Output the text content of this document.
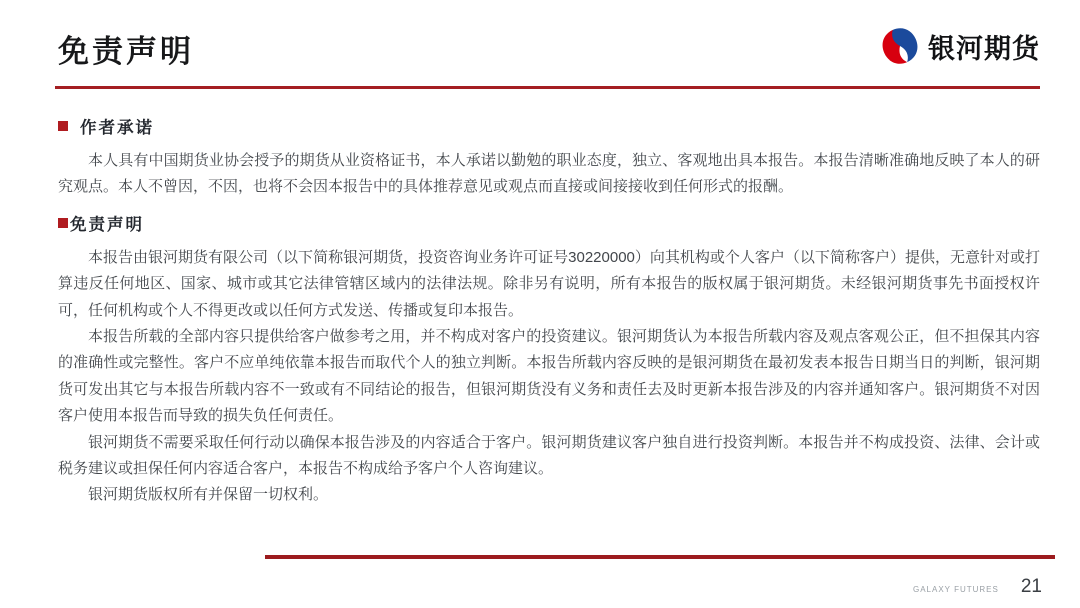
免责声明	银河期货
作者承诺

本人具有中国期货业协会授予的期货从业资格证书，本人承诺以勤勉的职业态度，独立、客观地出具本报告。本报告清晰准确地反映了本人的研究观点。本人不曾因，不因，也将不会因本报告中的具体推荐意见或观点而直接或间接接收到任何形式的报酬。

免责声明

本报告由银河期货有限公司（以下简称银河期货，投资咨询业务许可证号30220000）向其机构或个人客户（以下简称客户）提供，无意针对或打算违反任何地区、国家、城市或其它法律管辖区域内的法律法规。除非另有说明，所有本报告的版权属于银河期货。未经银河期货事先书面授权许可，任何机构或个人不得更改或以任何方式发送、传播或复印本报告。

本报告所载的全部内容只提供给客户做参考之用，并不构成对客户的投资建议。银河期货认为本报告所载内容及观点客观公正，但不担保其内容的准确性或完整性。客户不应单纯依靠本报告而取代个人的独立判断。本报告所载内容反映的是银河期货在最初发表本报告日期当日的判断，银河期货可发出其它与本报告所载内容不一致或有不同结论的报告，但银河期货没有义务和责任去及时更新本报告涉及的内容并通知客户。银河期货不对因客户使用本报告而导致的损失负任何责任。

银河期货不需要采取任何行动以确保本报告涉及的内容适合于客户。银河期货建议客户独自进行投资判断。本报告并不构成投资、法律、会计或税务建议或担保任何内容适合客户，本报告不构成给予客户个人咨询建议。

银河期货版权所有并保留一切权利。

GALAXY FUTURES 21
